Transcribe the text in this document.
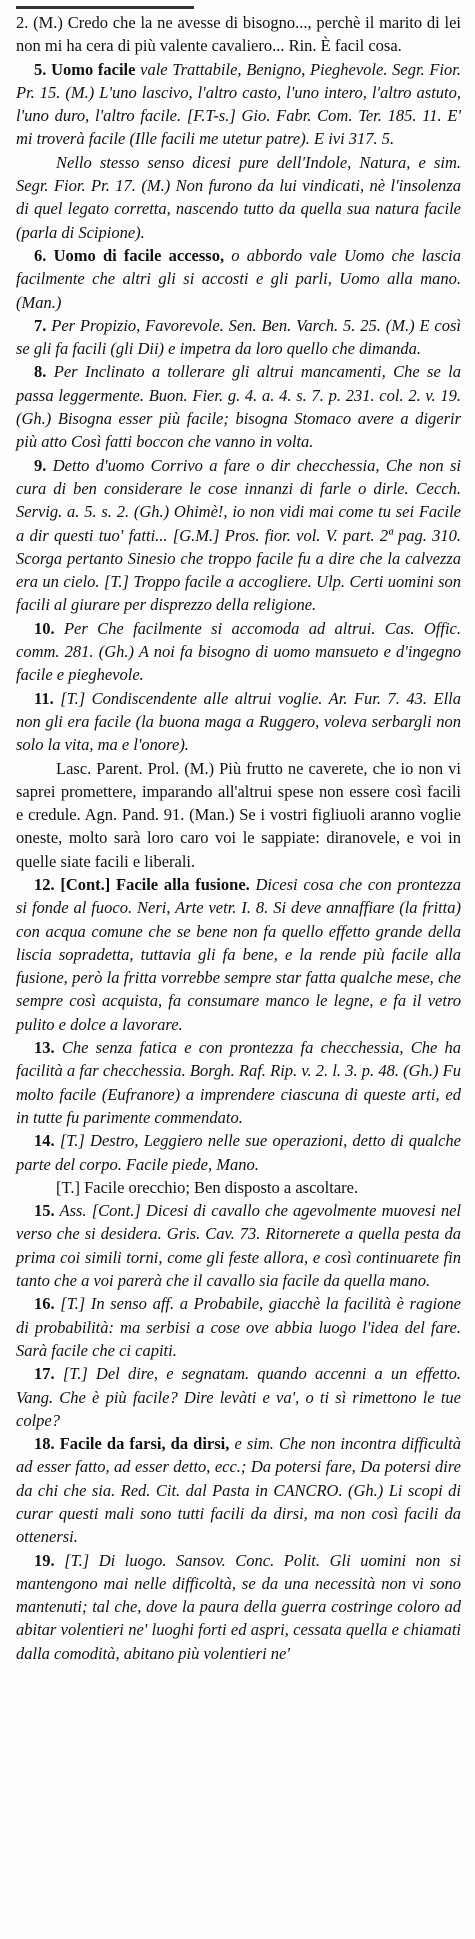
2. (M.) Credo che la ne avesse di bisogno..., perchè il marito di lei non mi ha cera di più valente cavaliero... Rin. È facil cosa.

5. Uomo facile vale Trattabile, Benigno, Pieghevole. Segr. Fior. Pr. 15. (M.) L'uno lascivo, l'altro casto, l'uno intero, l'altro astuto, l'uno duro, l'altro facile. [F.T-s.] Gio. Fabr. Com. Ter. 185. 11. E' mi troverà facile (Ille facili me utetur patre). E ivi 317. 5.

Nello stesso senso dicesi pure dell'Indole, Natura, e sim. Segr. Fior. Pr. 17. (M.) Non furono da lui vindicati, nè l'insolenza di quel legato corretta, nascendo tutto da quella sua natura facile (parla di Scipione).

6. Uomo di facile accesso, o abbordo vale Uomo che lascia facilmente che altri gli si accosti e gli parli, Uomo alla mano. (Man.)

7. Per Propizio, Favorevole. Sen. Ben. Varch. 5. 25. (M.) E così se gli fa facili (gli Dii) e impetra da loro quello che dimanda.

8. Per Inclinato a tollerare gli altrui mancamenti, Che se la passa leggermente. Buon. Fier. g. 4. a. 4. s. 7. p. 231. col. 2. v. 19. (Gh.) Bisogna esser più facile; bisogna Stomaco avere a digerir più atto Così fatti boccon che vanno in volta.

9. Detto d'uomo Corrivo a fare o dir checchessia, Che non si cura di ben considerare le cose innanzi di farle o dirle. Cecch. Servig. a. 5. s. 2. (Gh.) Ohimè!, io non vidi mai come tu sei Facile a dir questi tuo' fatti... [G.M.] Pros. fior. vol. V. part. 2ª pag. 310. Scorga pertanto Sinesio che troppo facile fu a dire che la calvezza era un cielo. [T.] Troppo facile a accogliere. Ulp. Certi uomini son facili al giurare per disprezzo della religione.

10. Per Che facilmente si accomoda ad altrui. Cas. Offic. comm. 281. (Gh.) A noi fa bisogno di uomo mansueto e d'ingegno facile e pieghevole.

11. [T.] Condiscendente alle altrui voglie. Ar. Fur. 7. 43. Ella non gli era facile (la buona maga a Ruggero, voleva serbargli non solo la vita, ma e l'onore).

Lasc. Parent. Prol. (M.) Più frutto ne caverete, che io non vi saprei promettere, imparando all'altrui spese non essere così facili e credule. Agn. Pand. 91. (Man.) Se i vostri figliuoli aranno voglie oneste, molto sarà loro caro voi le sappiate: diranovele, e voi in quelle siate facili e liberali.

12. [Cont.] Facile alla fusione. Dicesi cosa che con prontezza si fonde al fuoco. Neri, Arte vetr. I. 8. Si deve annaffiare (la fritta) con acqua comune che se bene non fa quello effetto grande della liscia sopradetta, tuttavia gli fa bene, e la rende più facile alla fusione, però la fritta vorrebbe sempre star fatta qualche mese, che sempre così acquista, fa consumare manco le legne, e fa il vetro pulito e dolce a lavorare.

13. Che senza fatica e con prontezza fa checchessia, Che ha facilità a far checchessia. Borgh. Raf. Rip. v. 2. l. 3. p. 48. (Gh.) Fu molto facile (Eufranore) a imprendere ciascuna di queste arti, ed in tutte fu parimente commendato.

14. [T.] Destro, Leggiero nelle sue operazioni, detto di qualche parte del corpo. Facile piede, Mano.

[T.] Facile orecchio; Ben disposto a ascoltare.

15. Ass. [Cont.] Dicesi di cavallo che agevolmente muovesi nel verso che si desidera. Gris. Cav. 73. Ritornerete a quella pesta da prima coi simili torni, come gli feste allora, e così continuarete fin tanto che a voi parerà che il cavallo sia facile da quella mano.

16. [T.] In senso aff. a Probabile, giacchè la facilità è ragione di probabilità: ma serbisi a cose ove abbia luogo l'idea del fare. Sarà facile che ci capiti.

17. [T.] Del dire, e segnatam. quando accenni a un effetto. Vang. Che è più facile? Dire levàti e va', o ti sì rimettono le tue colpe?

18. Facile da farsi, da dirsi, e sim. Che non incontra difficultà ad esser fatto, ad esser detto, ecc.; Da potersi fare, Da potersi dire da chi che sia. Red. Cit. dal Pasta in CANCRO. (Gh.) Li scopi di curar questi mali sono tutti facili da dirsi, ma non così facili da ottenersi.

19. [T.] Di luogo. Sansov. Conc. Polit. Gli uomini non si mantengono mai nelle difficoltà, se da una necessità non vi sono mantenuti; tal che, dove la paura della guerra costringe coloro ad abitar volentieri ne' luoghi forti ed aspri, cessata quella e chiamati dalla comodità, abitano più volentieri ne'
